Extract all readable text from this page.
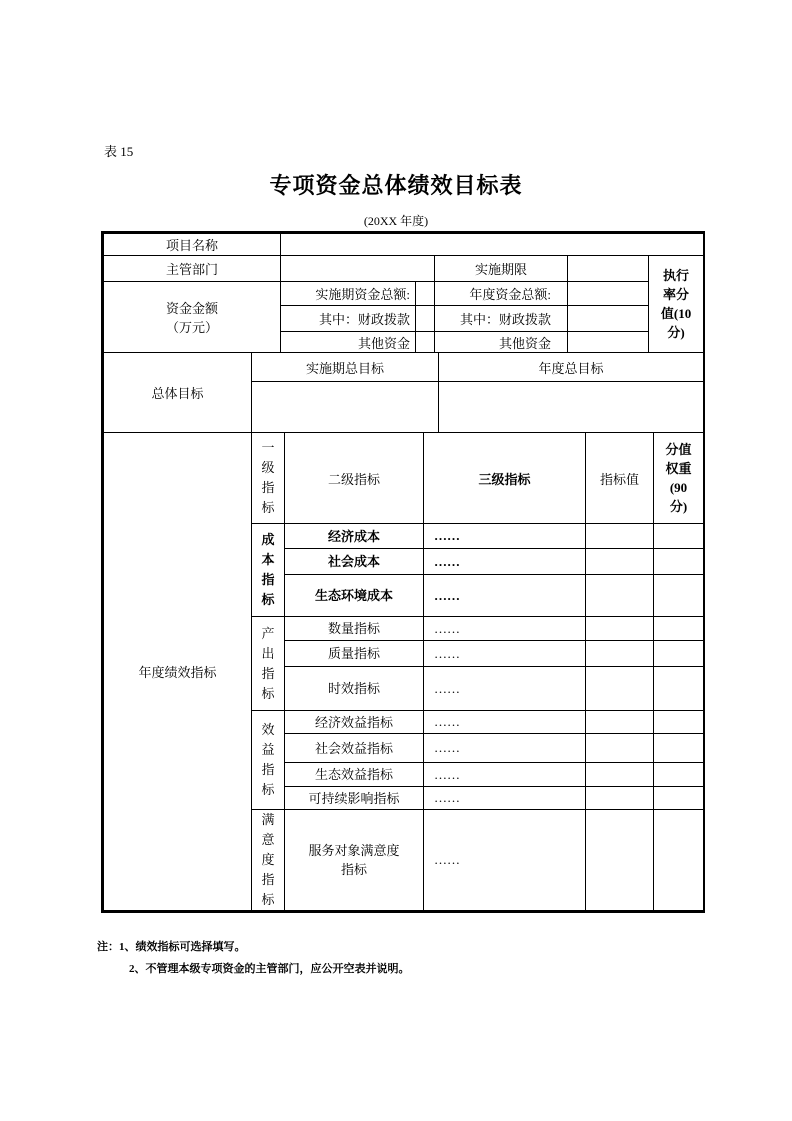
表 15
专项资金总体绩效目标表
(20XX 年度)
项目名称					
主管部门			实施期限		执行率分值(10分)

资金金额
（万元）	实施期资金总额:		年度资金总额:		
	其中：财政拨款		其中：财政拨款		
	其他资金		其他资金		
总体目标	实施期总目标	年度总目标

年度绩效指标	一级指标	二级指标	三级指标	指标值	分值权重(90分)
	成本指标	经济成本	……		
		社会成本	……		
		生态环境成本	……		
	产出指标	数量指标	……		
		质量指标	……		
		时效指标	……		
	效益指标	经济效益指标	……		
		社会效益指标	……		
		生态效益指标	……		
		可持续影响指标	……		
	满意度指标	服务对象满意度指标	……		
注：1、绩效指标可选择填写。
2、不管理本级专项资金的主管部门，应公开空表并说明。
